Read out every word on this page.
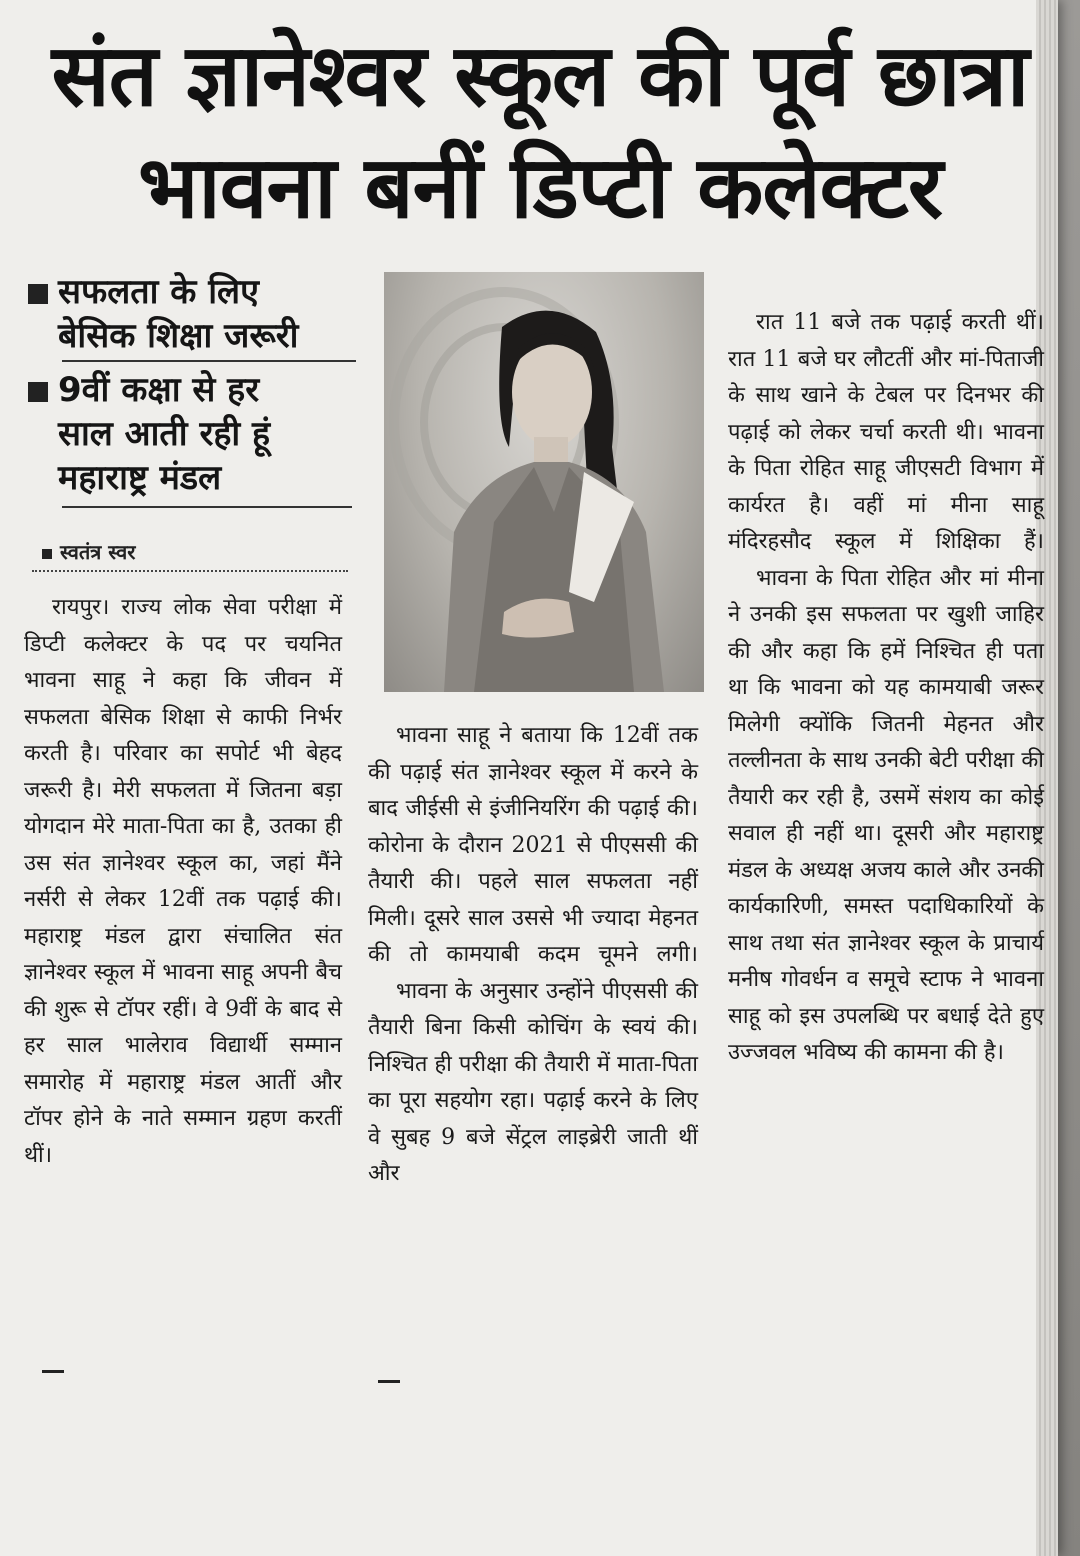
संत ज्ञानेश्वर स्कूल की पूर्व छात्रा
भावना बनीं डिप्टी कलेक्टर
सफलता के लिए
बेसिक शिक्षा जरूरी
9वीं कक्षा से हर
साल आती रही हूं
महाराष्ट्र मंडल
स्वतंत्र स्वर

रायपुर। राज्य लोक सेवा परीक्षा में डिप्टी कलेक्टर के पद पर चयनित भावना साहू ने कहा कि जीवन में सफलता बेसिक शिक्षा से काफी निर्भर करती है। परिवार का सपोर्ट भी बेहद जरूरी है। मेरी सफलता में जितना बड़ा योगदान मेरे माता-पिता का है, उतका ही उस संत ज्ञानेश्वर स्कूल का, जहां मैंने नर्सरी से लेकर 12वीं तक पढ़ाई की। महाराष्ट्र मंडल द्वारा संचालित संत ज्ञानेश्वर स्कूल में भावना साहू अपनी बैच की शुरू से टॉपर रहीं। वे 9वीं के बाद से हर साल भालेराव विद्यार्थी सम्मान समारोह में महाराष्ट्र मंडल आतीं और टॉपर होने के नाते सम्मान ग्रहण करतीं थीं।

भावना साहू ने बताया कि 12वीं तक की पढ़ाई संत ज्ञानेश्वर स्कूल में करने के बाद जीईसी से इंजीनियरिंग की पढ़ाई की। कोरोना के दौरान 2021 से पीएससी की तैयारी की। पहले साल सफलता नहीं मिली। दूसरे साल उससे भी ज्यादा मेहनत की तो कामयाबी कदम चूमने लगी।

भावना के अनुसार उन्होंने पीएससी की तैयारी बिना किसी कोचिंग के स्वयं की। निश्चित ही परीक्षा की तैयारी में माता-पिता का पूरा सहयोग रहा। पढ़ाई करने के लिए वे सुबह 9 बजे सेंट्रल लाइब्रेरी जाती थीं और

रात 11 बजे तक पढ़ाई करती थीं। रात 11 बजे घर लौटतीं और मां-पिताजी के साथ खाने के टेबल पर दिनभर की पढ़ाई को लेकर चर्चा करती थी। भावना के पिता रोहित साहू जीएसटी विभाग में कार्यरत है। वहीं मां मीना साहू मंदिरहसौद स्कूल में शिक्षिका हैं।

भावना के पिता रोहित और मां मीना ने उनकी इस सफलता पर खुशी जाहिर की और कहा कि हमें निश्चित ही पता था कि भावना को यह कामयाबी जरूर मिलेगी क्योंकि जितनी मेहनत और तल्लीनता के साथ उनकी बेटी परीक्षा की तैयारी कर रही है, उसमें संशय का कोई सवाल ही नहीं था। दूसरी और महाराष्ट्र मंडल के अध्यक्ष अजय काले और उनकी कार्यकारिणी, समस्त पदाधिकारियों के साथ तथा संत ज्ञानेश्वर स्कूल के प्राचार्य मनीष गोवर्धन व समूचे स्टाफ ने भावना साहू को इस उपलब्धि पर बधाई देते हुए उज्जवल भविष्य की कामना की है।
